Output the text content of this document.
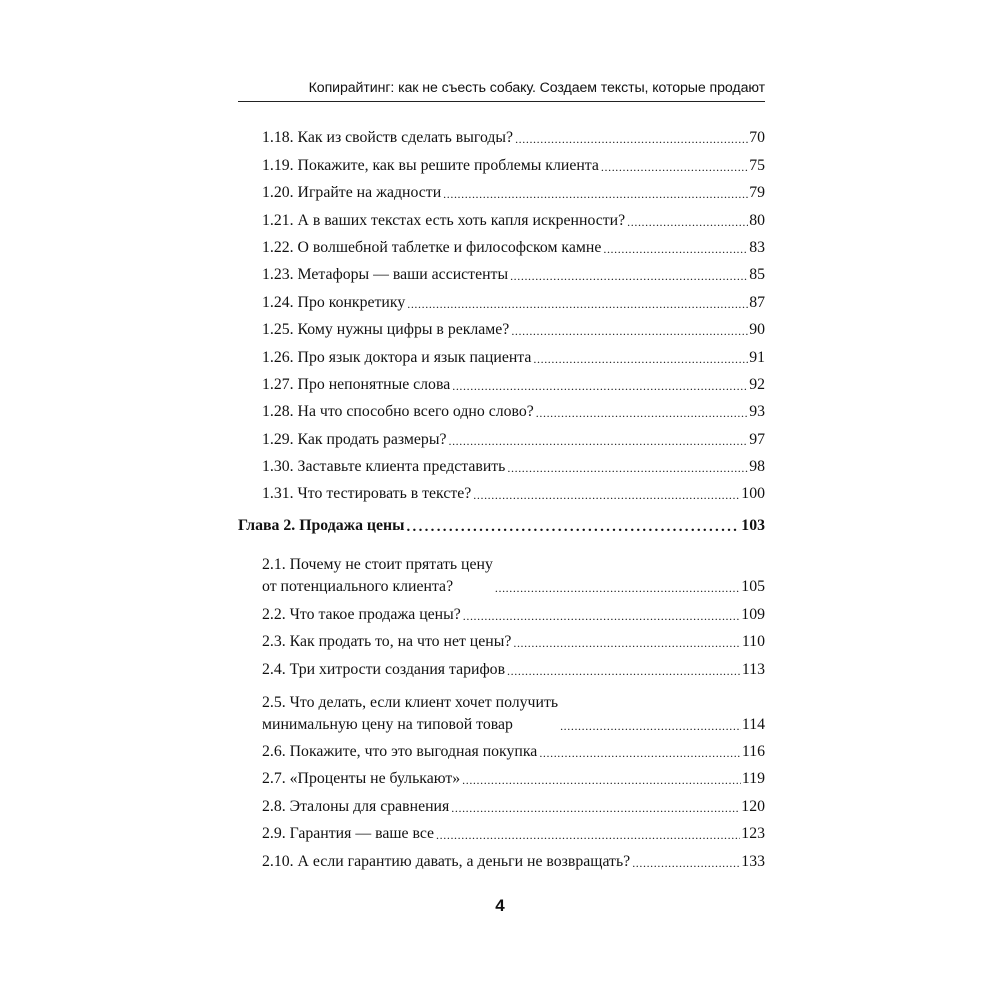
Копирайтинг: как не съесть собаку. Создаем тексты, которые продают
1.18. Как из свойств сделать выгоды? .....	70
1.19. Покажите, как вы решите проблемы клиента .....	75
1.20. Играйте на жадности .....	79
1.21. А в ваших текстах есть хоть капля искренности? .....	80
1.22. О волшебной таблетке и философском камне .....	83
1.23. Метафоры — ваши ассистенты .....	85
1.24. Про конкретику .....	87
1.25. Кому нужны цифры в рекламе? .....	90
1.26. Про язык доктора и язык пациента .....	91
1.27. Про непонятные слова .....	92
1.28. На что способно всего одно слово? .....	93
1.29. Как продать размеры? .....	97
1.30. Заставьте клиента представить .....	98
1.31. Что тестировать в тексте? .....	100
Глава 2. Продажа цены .....	103
2.1. Почему не стоит прятать цену
от потенциального клиента? .....	105
2.2. Что такое продажа цены? .....	109
2.3. Как продать то, на что нет цены? .....	110
2.4. Три хитрости создания тарифов .....	113
2.5. Что делать, если клиент хочет получить
минимальную цену на типовой товар .....	114
2.6. Покажите, что это выгодная покупка .....	116
2.7. «Проценты не булькают» .....	119
2.8. Эталоны для сравнения .....	120
2.9. Гарантия — ваше все .....	123
2.10. А если гарантию давать, а деньги не возвращать? .....	133
4
